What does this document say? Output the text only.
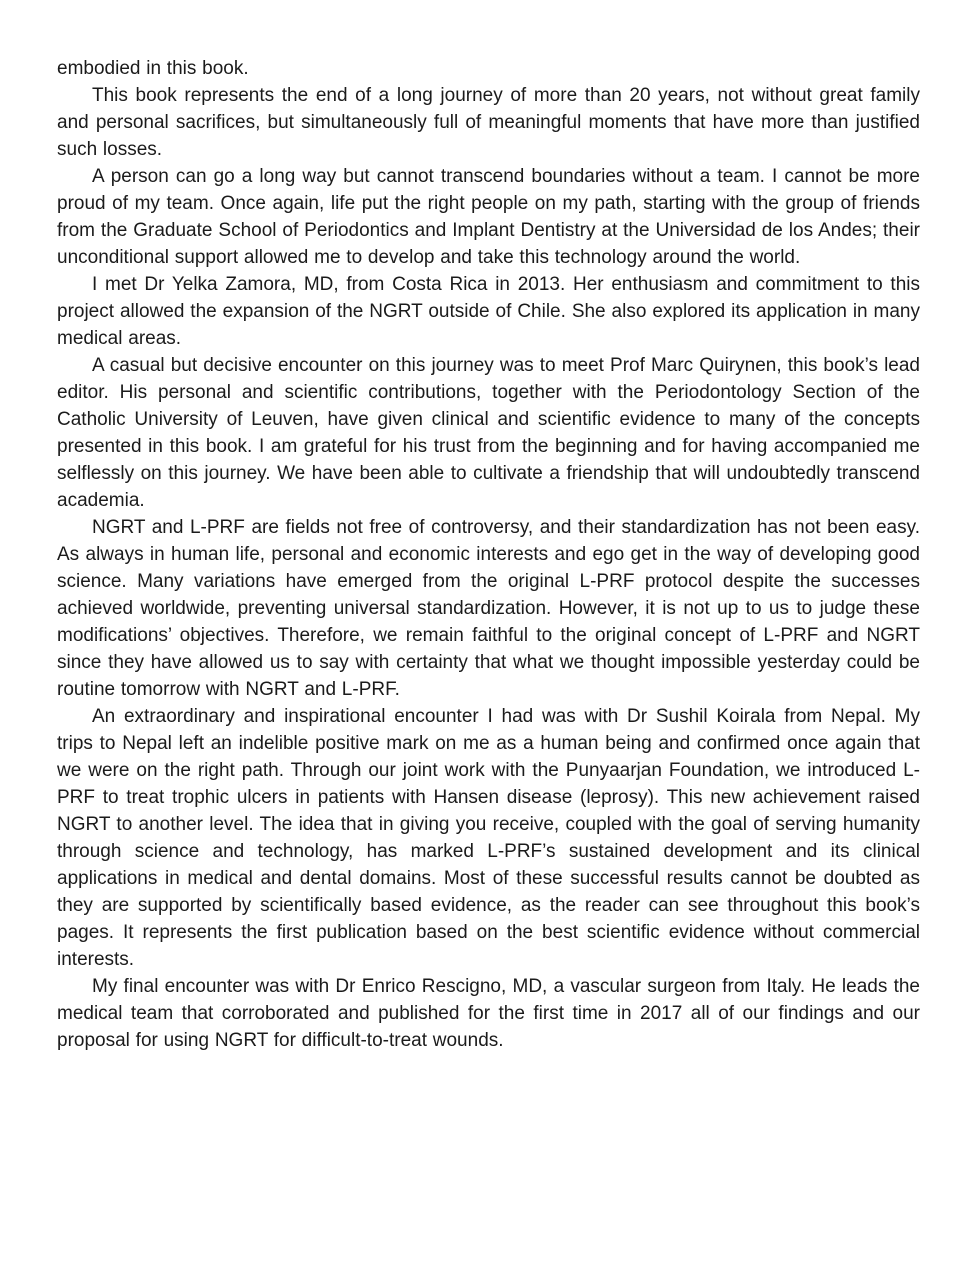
embodied in this book.

This book represents the end of a long journey of more than 20 years, not without great family and personal sacrifices, but simultaneously full of meaningful moments that have more than justified such losses.

A person can go a long way but cannot transcend boundaries without a team. I cannot be more proud of my team. Once again, life put the right people on my path, starting with the group of friends from the Graduate School of Periodontics and Implant Dentistry at the Universidad de los Andes; their unconditional support allowed me to develop and take this technology around the world.

I met Dr Yelka Zamora, MD, from Costa Rica in 2013. Her enthusiasm and commitment to this project allowed the expansion of the NGRT outside of Chile. She also explored its application in many medical areas.

A casual but decisive encounter on this journey was to meet Prof Marc Quirynen, this book’s lead editor. His personal and scientific contributions, together with the Periodontology Section of the Catholic University of Leuven, have given clinical and scientific evidence to many of the concepts presented in this book. I am grateful for his trust from the beginning and for having accompanied me selflessly on this journey. We have been able to cultivate a friendship that will undoubtedly transcend academia.

NGRT and L-PRF are fields not free of controversy, and their standardization has not been easy. As always in human life, personal and economic interests and ego get in the way of developing good science. Many variations have emerged from the original L-PRF protocol despite the successes achieved worldwide, preventing universal standardization. However, it is not up to us to judge these modifications’ objectives. Therefore, we remain faithful to the original concept of L-PRF and NGRT since they have allowed us to say with certainty that what we thought impossible yesterday could be routine tomorrow with NGRT and L-PRF.

An extraordinary and inspirational encounter I had was with Dr Sushil Koirala from Nepal. My trips to Nepal left an indelible positive mark on me as a human being and confirmed once again that we were on the right path. Through our joint work with the Punyaarjan Foundation, we introduced L-PRF to treat trophic ulcers in patients with Hansen disease (leprosy). This new achievement raised NGRT to another level. The idea that in giving you receive, coupled with the goal of serving humanity through science and technology, has marked L-PRF’s sustained development and its clinical applications in medical and dental domains. Most of these successful results cannot be doubted as they are supported by scientifically based evidence, as the reader can see throughout this book’s pages. It represents the first publication based on the best scientific evidence without commercial interests.

My final encounter was with Dr Enrico Rescigno, MD, a vascular surgeon from Italy. He leads the medical team that corroborated and published for the first time in 2017 all of our findings and our proposal for using NGRT for difficult-to-treat wounds.
